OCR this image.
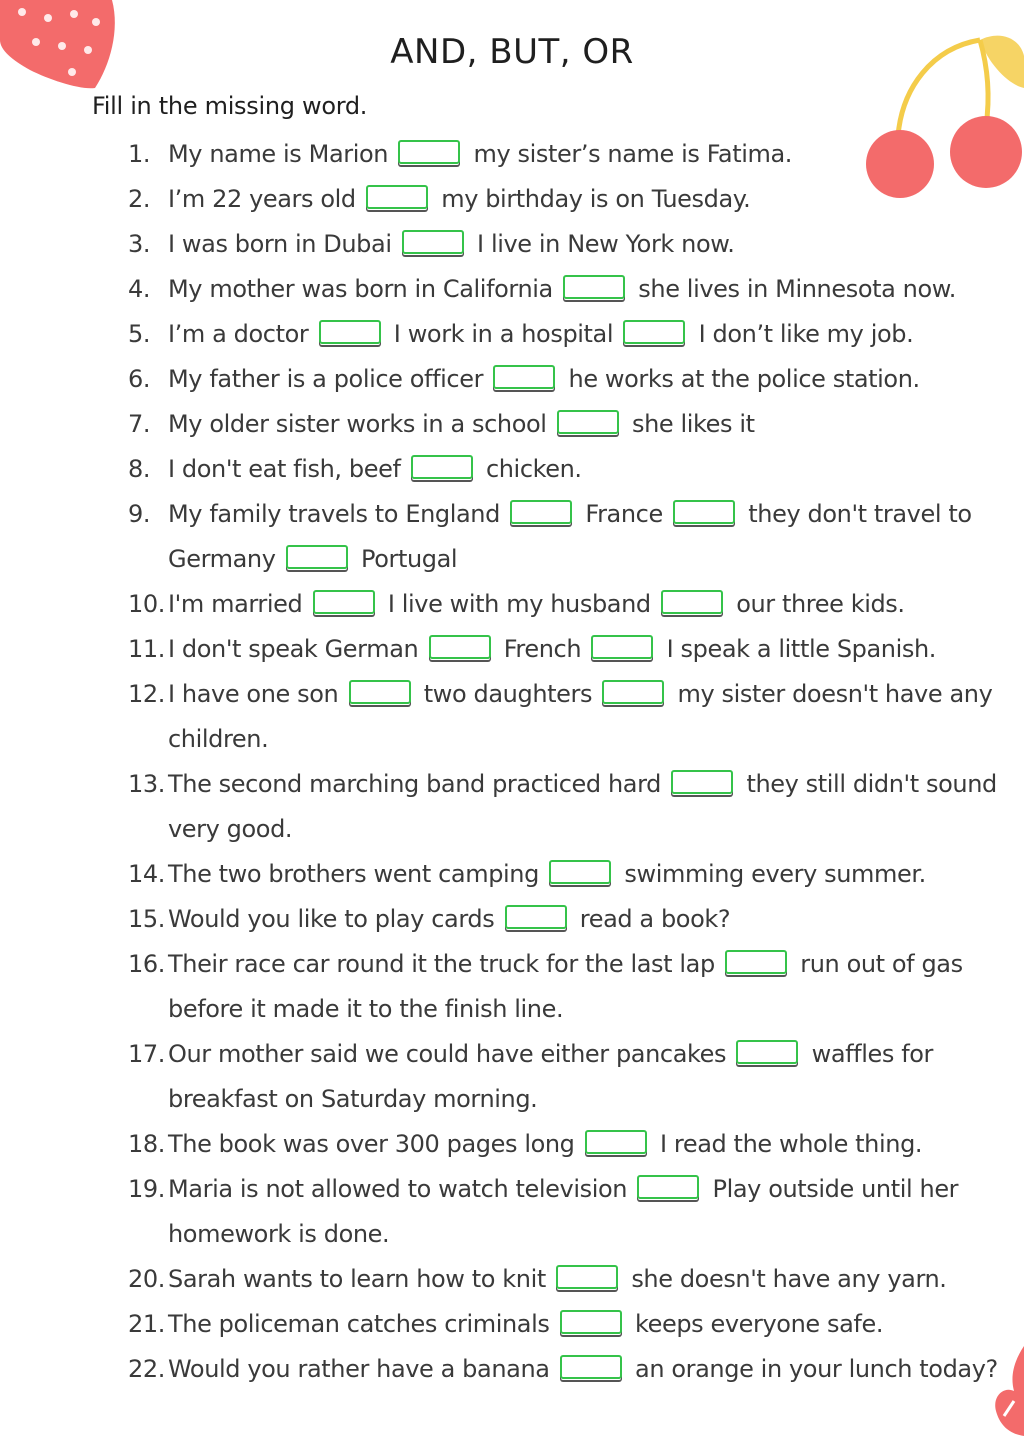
AND, BUT, OR
Fill in the missing word.
1. My name is Marion	my sister’s name is Fatima.
2. I’m 22 years old	my birthday is on Tuesday.
3. I was born in Dubai	I live in New York now.
4. My mother was born in California	she lives in Minnesota now.
5. I’m a doctor	I work in a hospital	I don’t like my job.
6. My father is a police officer	he works at the police station.
7. My older sister works in a school	she likes it
8. I don't eat fish, beef	chicken.
9. My family travels to England	France	they don't travel to Germany	Portugal
10. I'm married	I live with my husband	our three kids.
11. I don't speak German	French	I speak a little Spanish.
12. I have one son	two daughters	my sister doesn't have any children.
13. The second marching band practiced hard	they still didn't sound very good.
14. The two brothers went camping	swimming every summer.
15. Would you like to play cards	read a book?
16. Their race car round it the truck for the last lap	run out of gas before it made it to the finish line.
17. Our mother said we could have either pancakes	waffles for breakfast on Saturday morning.
18. The book was over 300 pages long	I read the whole thing.
19. Maria is not allowed to watch television	Play outside until her homework is done.
20. Sarah wants to learn how to knit	she doesn't have any yarn.
21. The policeman catches criminals	keeps everyone safe.
22. Would you rather have a banana	an orange in your lunch today?
